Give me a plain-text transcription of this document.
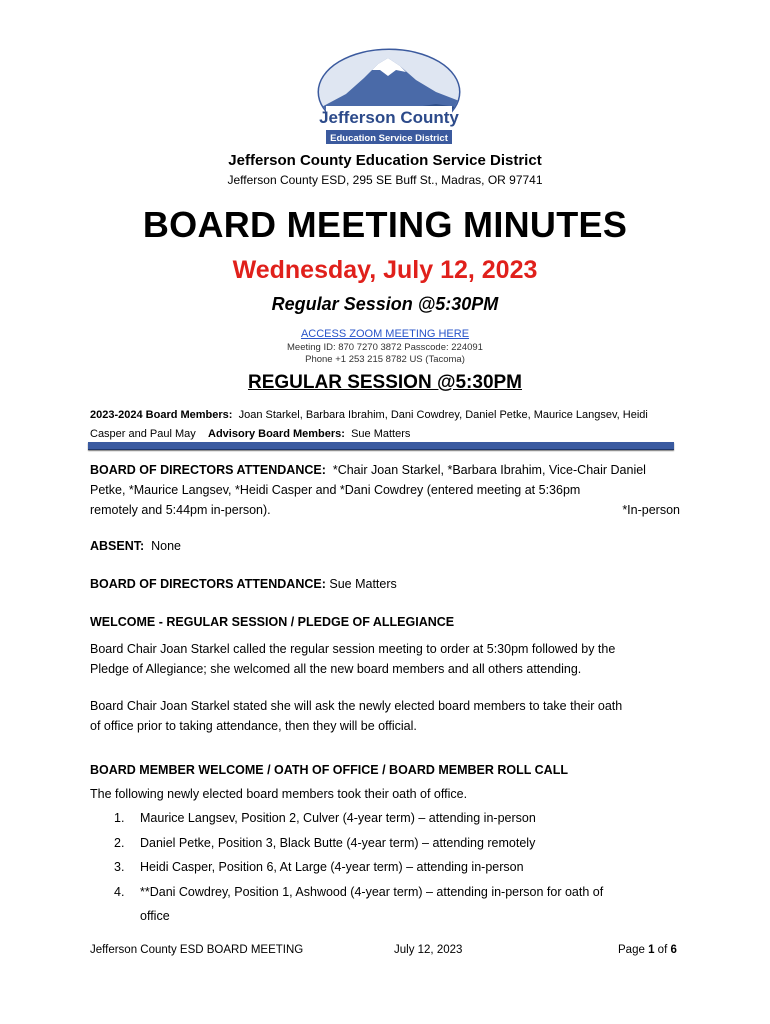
Jefferson County
Education Service District
Jefferson County Education Service District
Jefferson County ESD, 295 SE Buff St., Madras, OR 97741
BOARD MEETING MINUTES
Wednesday, July 12, 2023
Regular Session @5:30PM
ACCESS ZOOM MEETING HERE
Meeting ID: 870 7270 3872 Passcode: 224091
Phone +1 253 215 8782 US (Tacoma)
REGULAR SESSION @5:30PM
2023-2024 Board Members: Joan Starkel, Barbara Ibrahim, Dani Cowdrey, Daniel Petke, Maurice Langsev, Heidi
Casper and Paul May Advisory Board Members: Sue Matters
BOARD OF DIRECTORS ATTENDANCE: *Chair Joan Starkel, *Barbara Ibrahim, Vice-Chair Daniel
Petke, *Maurice Langsev, *Heidi Casper and *Dani Cowdrey (entered meeting at 5:36pm
remotely and 5:44pm in-person).	*In-person
ABSENT: None
BOARD OF DIRECTORS ATTENDANCE: Sue Matters
WELCOME - REGULAR SESSION / PLEDGE OF ALLEGIANCE
Board Chair Joan Starkel called the regular session meeting to order at 5:30pm followed by the
Pledge of Allegiance; she welcomed all the new board members and all others attending.
Board Chair Joan Starkel stated she will ask the newly elected board members to take their oath
of office prior to taking attendance, then they will be official.
BOARD MEMBER WELCOME / OATH OF OFFICE / BOARD MEMBER ROLL CALL
The following newly elected board members took their oath of office.
1. Maurice Langsev, Position 2, Culver (4-year term) – attending in-person
2. Daniel Petke, Position 3, Black Butte (4-year term) – attending remotely
3. Heidi Casper, Position 6, At Large (4-year term) – attending in-person
4. **Dani Cowdrey, Position 1, Ashwood (4-year term) – attending in-person for oath of
office
Jefferson County ESD BOARD MEETING	July 12, 2023	Page 1 of 6
